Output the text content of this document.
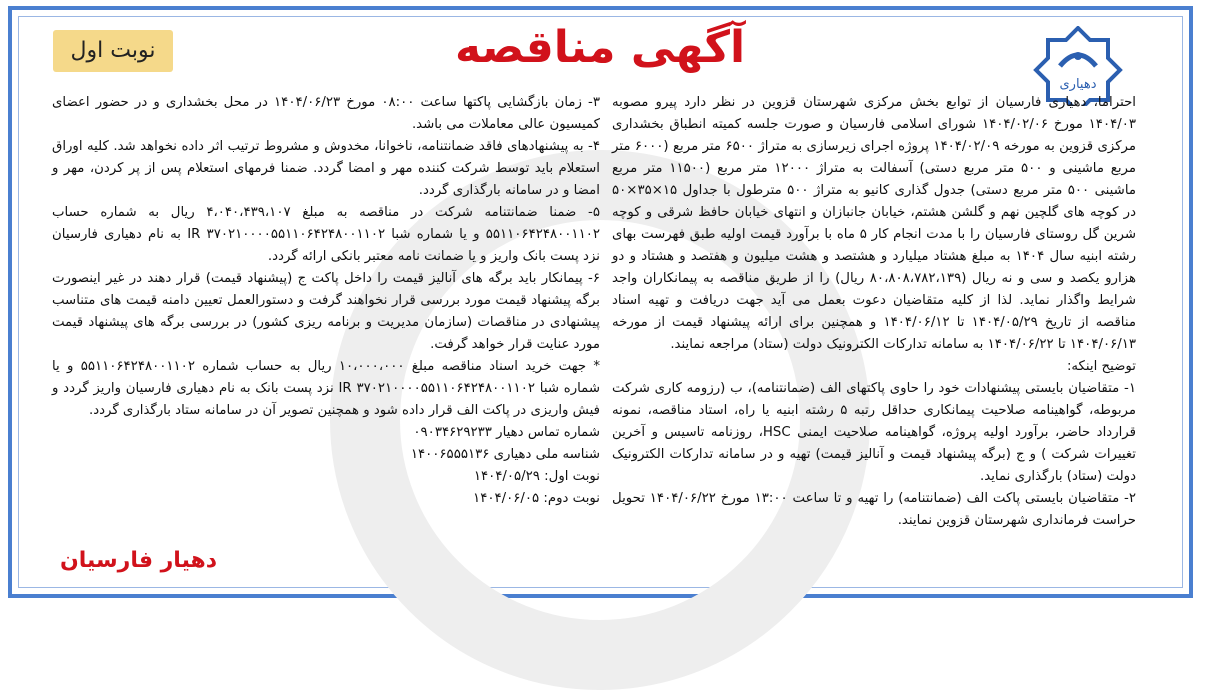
دهیاری
آگهی مناقصه
نوبت اول

احتراما، دهیاری فارسیان از توابع بخش مرکزی شهرستان قزوین در نظر دارد پیرو مصوبه ۱۴۰۴/۰۳ مورخ ۱۴۰۴/۰۲/۰۶ شورای اسلامی فارسیان و صورت جلسه کمیته انطباق بخشداری مرکزی قزوین به مورخه ۱۴۰۴/۰۲/۰۹ پروژه اجرای زیرسازی به متراژ ۶۵۰۰ متر مربع (۶۰۰۰ متر مربع ماشینی و ۵۰۰ متر مربع دستی) آسفالت به متراژ ۱۲۰۰۰ متر مربع (۱۱۵۰۰ متر مربع ماشینی ۵۰۰ متر مربع دستی) جدول گذاری کانیو به متراژ ۵۰۰ مترطول با جداول ۱۵×۳۵×۵۰ در کوچه های گلچین نهم و گلشن هشتم، خیابان جانبازان و انتهای خیابان حافظ شرقی و کوچه شرین گل روستای فارسیان را با مدت انجام کار ۵ ماه با برآورد قیمت اولیه طبق فهرست بهای رشته ابنیه سال ۱۴۰۴ به مبلغ هشتاد میلیارد و هشتصد و هشت میلیون و هفتصد و هشتاد و دو هزارو یکصد و سی و نه ریال (۸۰،۸۰۸،۷۸۲،۱۳۹ ریال) را از طریق مناقصه به پیمانکاران واجد شرایط واگذار نماید. لذا از کلیه متقاضیان دعوت بعمل می آید جهت دریافت و تهیه اسناد مناقصه از تاریخ ۱۴۰۴/۰۵/۲۹ تا ۱۴۰۴/۰۶/۱۲ و همچنین برای ارائه پیشنهاد قیمت از مورخه ۱۴۰۴/۰۶/۱۳ تا ۱۴۰۴/۰۶/۲۲ به سامانه تدارکات الکترونیک دولت (ستاد) مراجعه نمایند.

توضیح اینکه:

۱- متقاضیان بایستی پیشنهادات خود را حاوی پاکتهای الف (ضمانتنامه)، ب (رزومه کاری شرکت مربوطه، گواهینامه صلاحیت پیمانکاری حداقل رتبه ۵ رشته ابنیه یا راه، استاد مناقصه، نمونه قرارداد حاضر، برآورد اولیه پروژه، گواهینامه صلاحیت ایمنی HSC، روزنامه تاسیس و آخرین تغییرات شرکت ) و ج (برگه پیشنهاد قیمت و آنالیز قیمت) تهیه و در سامانه تدارکات الکترونیک دولت (ستاد) بارگذاری نماید.

۲- متقاضیان بایستی پاکت الف (ضمانتنامه) را تهیه و تا ساعت ۱۳:۰۰ مورخ ۱۴۰۴/۰۶/۲۲ تحویل حراست فرمانداری شهرستان قزوین نمایند.

۳- زمان بازگشایی پاکتها ساعت ۰۸:۰۰ مورخ ۱۴۰۴/۰۶/۲۳ در محل بخشداری و در حضور اعضای کمیسیون عالی معاملات می باشد.

۴- به پیشنهادهای فاقد ضمانتنامه، ناخوانا، مخدوش و مشروط ترتیب اثر داده نخواهد شد. کلیه اوراق استعلام باید توسط شرکت کننده مهر و امضا گردد. ضمنا فرمهای استعلام پس از پر کردن، مهر و امضا و در سامانه بارگذاری گردد.

۵- ضمنا ضمانتنامه شرکت در مناقصه به مبلغ ۴،۰۴۰،۴۳۹،۱۰۷ ریال به شماره حساب ۵۵۱۱۰۶۴۲۴۸۰۰۱۱۰۲ و یا شماره شبا IR ۳۷۰۲۱۰۰۰۰۵۵۱۱۰۶۴۲۴۸۰۰۱۱۰۲ به نام دهیاری فارسیان نزد پست بانک واریز و یا ضمانت نامه معتبر بانکی ارائه گردد.

۶- پیمانکار باید برگه های آنالیز قیمت را داخل پاکت ج (پیشنهاد قیمت) قرار دهند در غیر اینصورت برگه پیشنهاد قیمت مورد بررسی قرار نخواهند گرفت و دستورالعمل تعیین دامنه قیمت های متناسب پیشنهادی در مناقصات (سازمان مدیریت و برنامه ریزی کشور) در بررسی برگه های پیشنهاد قیمت مورد عنایت قرار خواهد گرفت.

* جهت خرید اسناد مناقصه مبلغ ۱۰،۰۰۰،۰۰۰ ریال به حساب شماره ۵۵۱۱۰۶۴۲۴۸۰۰۱۱۰۲ و یا شماره شبا IR ۳۷۰۲۱۰۰۰۰۵۵۱۱۰۶۴۲۴۸۰۰۱۱۰۲ نزد پست بانک به نام دهیاری فارسیان واریز گردد و فیش واریزی در پاکت الف قرار داده شود و همچنین تصویر آن در سامانه ستاد بارگذاری گردد.

شماره تماس دهیار ۰۹۰۳۴۶۲۹۲۳۳

شناسه ملی دهیاری ۱۴۰۰۶۵۵۵۱۳۶

نوبت اول: ۱۴۰۴/۰۵/۲۹

نوبت دوم: ۱۴۰۴/۰۶/۰۵

دهیار فارسیان
